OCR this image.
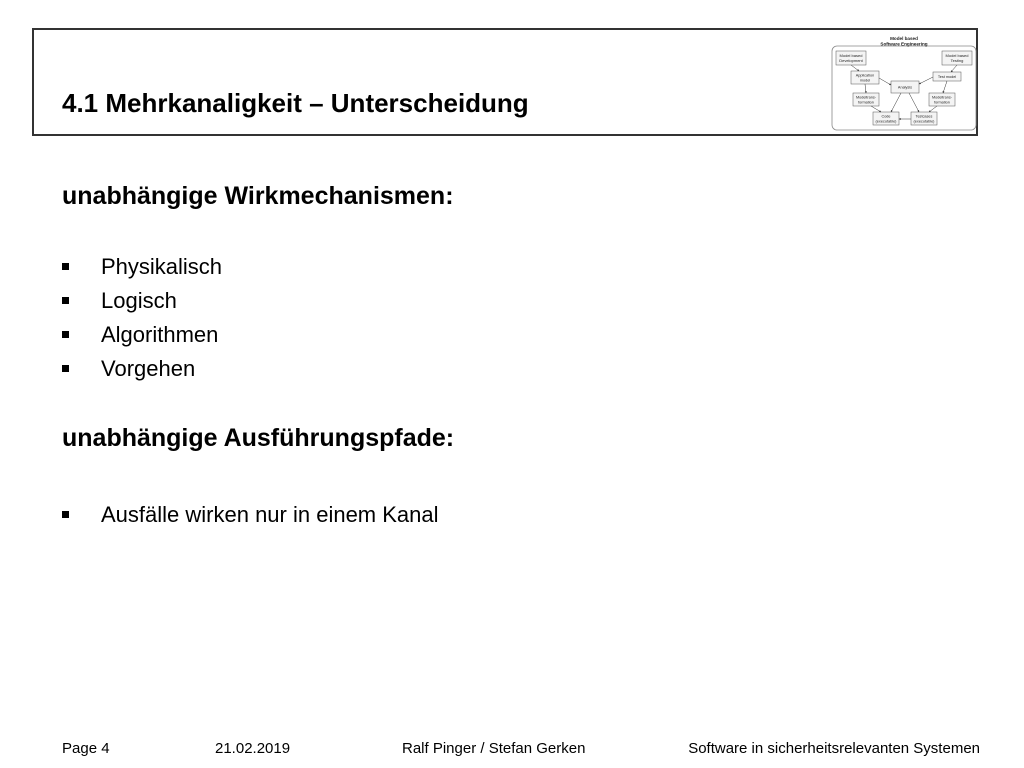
4.1 Mehrkanaligkeit – Unterscheidung
Model based
Software Engineering
Model based
Development
Model based
Testing
Application
model
Test model
Analysis
Modeltrans-
formation
Modeltrans-
formation
Code
(executable)
Testcases
(executable)
unabhängige Wirkmechanismen:
Physikalisch
Logisch
Algorithmen
Vorgehen
unabhängige Ausführungspfade:
Ausfälle wirken nur in einem Kanal
Page 4	21.02.2019	Ralf Pinger / Stefan Gerken	Software in sicherheitsrelevanten Systemen
